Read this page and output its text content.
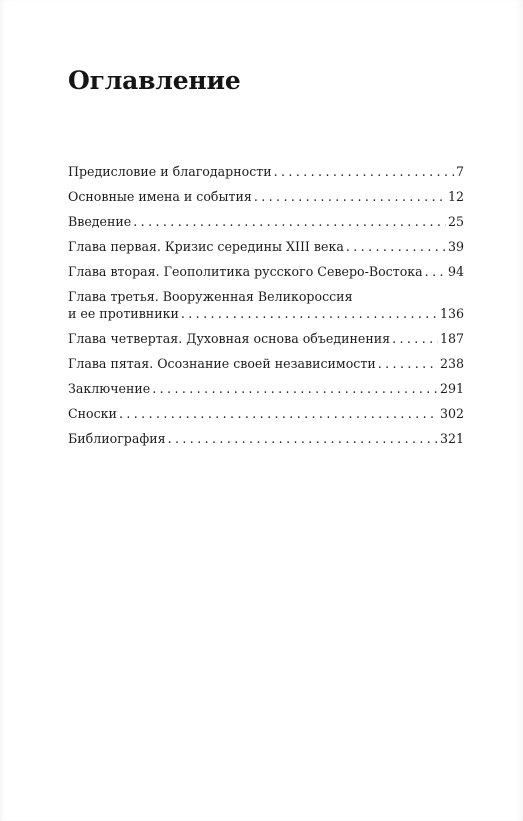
Оглавление
Предисловие и благодарности . . .	7
Основные имена и события . . .	12
Введение . . .	25
Глава первая. Кризис середины XIII века . . .	39
Глава вторая. Геополитика русского Северо-Востока . . . 94
Глава третья. Вооруженная Великороссия
и ее противники . . .	136
Глава четвертая. Духовная основа объединения . . .	187
Глава пятая. Осознание своей независимости . . .	238
Заключение . . .	291
Сноски . . .	302
Библиография . . .	321
